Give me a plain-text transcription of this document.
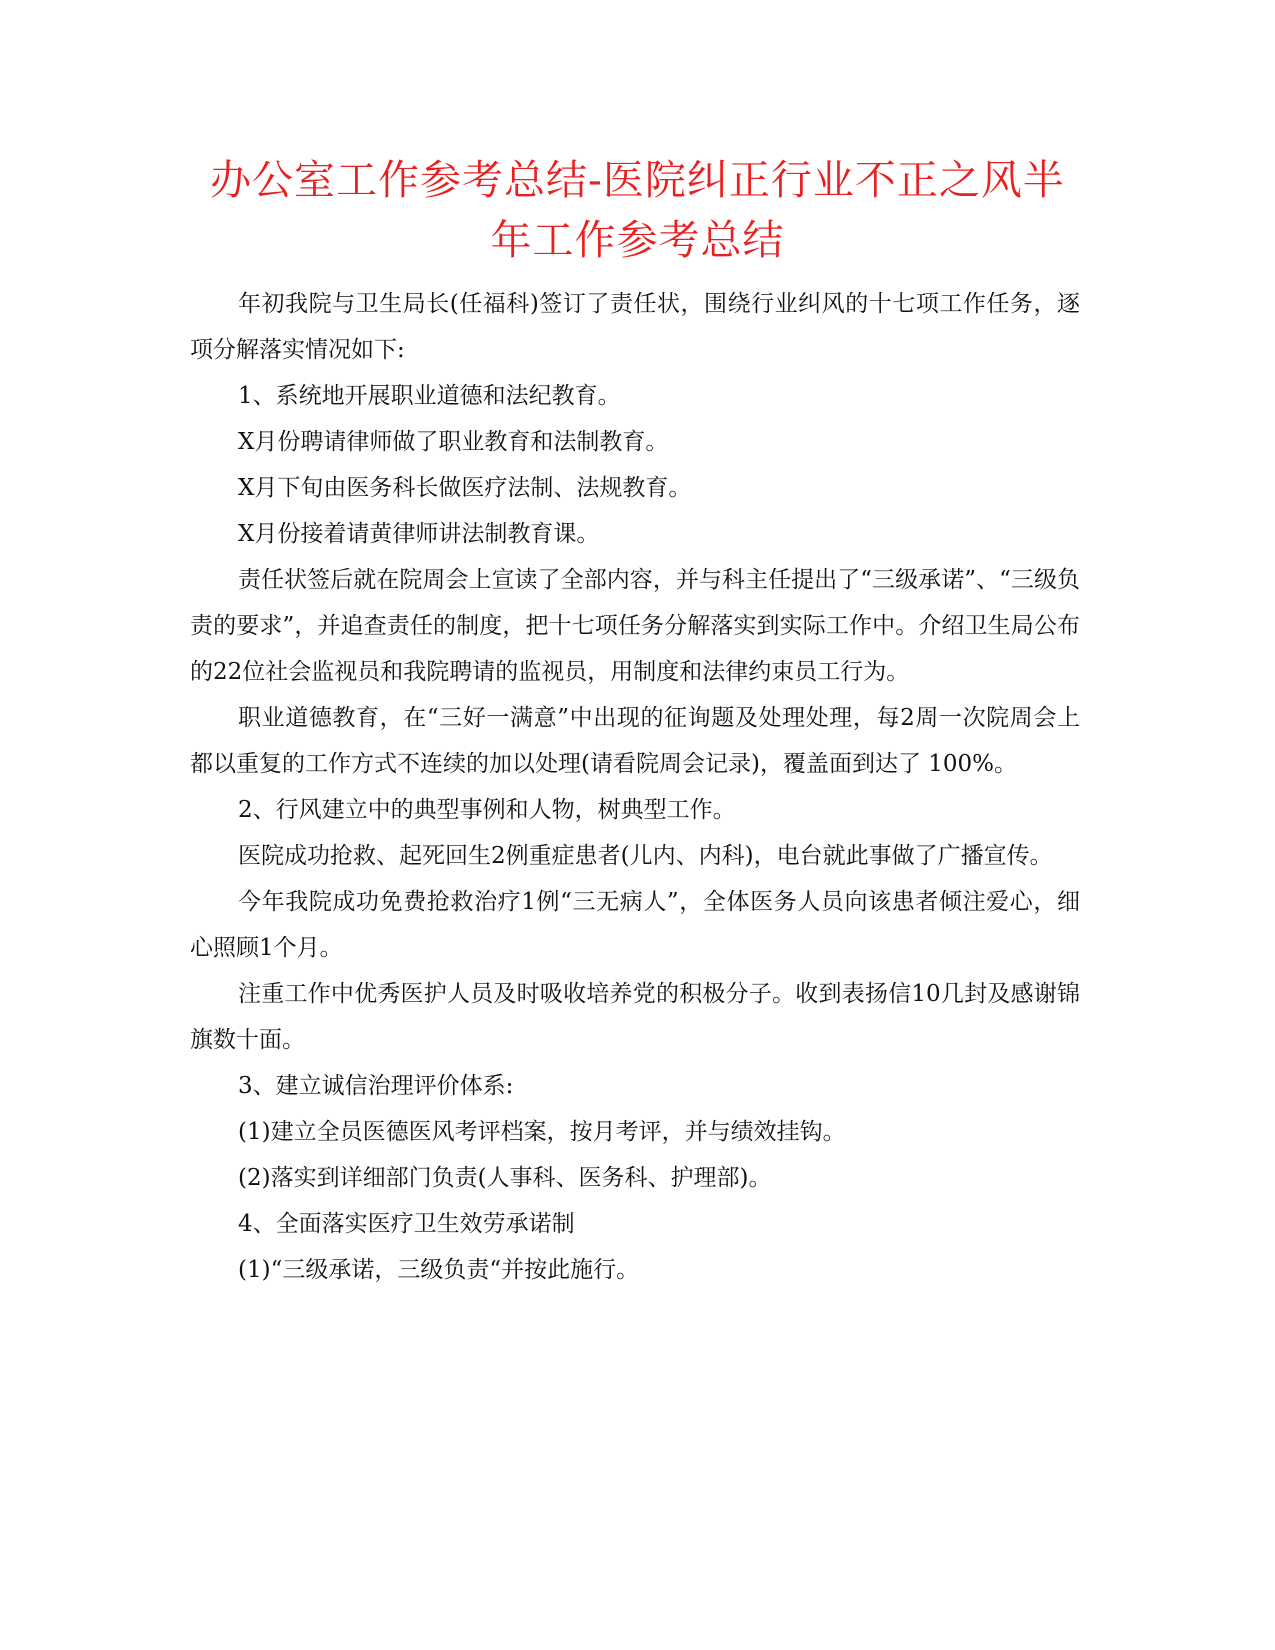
办公室工作参考总结-医院纠正行业不正之风半
年工作参考总结

年初我院与卫生局长(任福科)签订了责任状，围绕行业纠风的十七项工作任务，逐项分解落实情况如下:

1、系统地开展职业道德和法纪教育。

X月份聘请律师做了职业教育和法制教育。

X月下旬由医务科长做医疗法制、法规教育。

X月份接着请黄律师讲法制教育课。

责任状签后就在院周会上宣读了全部内容，并与科主任提出了“三级承诺”、“三级负责的要求”，并追查责任的制度，把十七项任务分解落实到实际工作中。介绍卫生局公布的22位社会监视员和我院聘请的监视员，用制度和法律约束员工行为。

职业道德教育，在“三好一满意”中出现的征询题及处理处理，每2周一次院周会上都以重复的工作方式不连续的加以处理(请看院周会记录)，覆盖面到达了 100%。

2、行风建立中的典型事例和人物，树典型工作。

医院成功抢救、起死回生2例重症患者(儿内、内科)，电台就此事做了广播宣传。

今年我院成功免费抢救治疗1例“三无病人”，全体医务人员向该患者倾注爱心，细心照顾1个月。

注重工作中优秀医护人员及时吸收培养党的积极分子。收到表扬信10几封及感谢锦旗数十面。

3、建立诚信治理评价体系:

(1)建立全员医德医风考评档案，按月考评，并与绩效挂钩。

(2)落实到详细部门负责(人事科、医务科、护理部)。

4、全面落实医疗卫生效劳承诺制

(1)“三级承诺，三级负责“并按此施行。
